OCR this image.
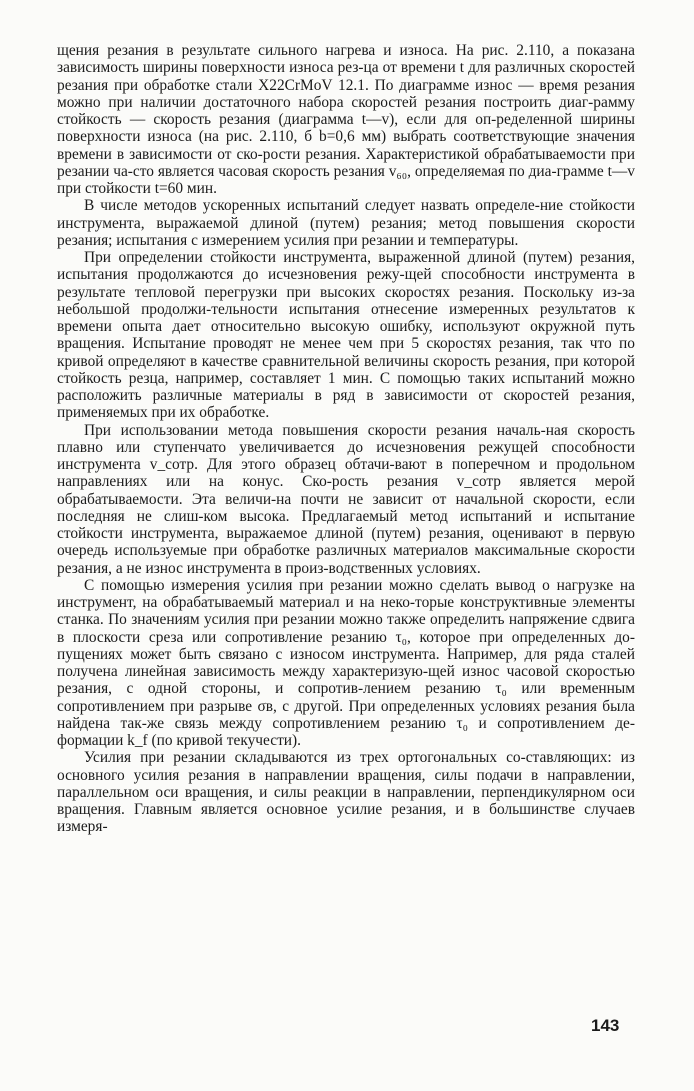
щения резания в результате сильного нагрева и износа. На рис. 2.110, а показана зависимость ширины поверхности износа рез-ца от времени t для различных скоростей резания при обработке стали X22CrMoV 12.1. По диаграмме износ — время резания можно при наличии достаточного набора скоростей резания построить диаг-рамму стойкость — скорость резания (диаграмма t—v), если для оп-ределенной ширины поверхности износа (на рис. 2.110, б b=0,6 мм) выбрать соответствующие значения времени в зависимости от ско-рости резания. Характеристикой обрабатываемости при резании ча-сто является часовая скорость резания v₆₀, определяемая по диа-грамме t—v при стойкости t=60 мин.

В числе методов ускоренных испытаний следует назвать определе-ние стойкости инструмента, выражаемой длиной (путем) резания; метод повышения скорости резания; испытания с измерением усилия при резании и температуры.

При определении стойкости инструмента, выраженной длиной (путем) резания, испытания продолжаются до исчезновения режу-щей способности инструмента в результате тепловой перегрузки при высоких скоростях резания. Поскольку из-за небольшой продолжи-тельности испытания отнесение измеренных результатов к времени опыта дает относительно высокую ошибку, используют окружной путь вращения. Испытание проводят не менее чем при 5 скоростях резания, так что по кривой определяют в качестве сравнительной величины скорость резания, при которой стойкость резца, например, составляет 1 мин. С помощью таких испытаний можно расположить различные материалы в ряд в зависимости от скоростей резания, применяемых при их обработке.

При использовании метода повышения скорости резания началь-ная скорость плавно или ступенчато увеличивается до исчезновения режущей способности инструмента v_сотр. Для этого образец обтачи-вают в поперечном и продольном направлениях или на конус. Ско-рость резания v_сотр является мерой обрабатываемости. Эта величи-на почти не зависит от начальной скорости, если последняя не слиш-ком высока. Предлагаемый метод испытаний и испытание стойкости инструмента, выражаемое длиной (путем) резания, оценивают в первую очередь используемые при обработке различных материалов максимальные скорости резания, а не износ инструмента в произ-водственных условиях.

С помощью измерения усилия при резании можно сделать вывод о нагрузке на инструмент, на обрабатываемый материал и на неко-торые конструктивные элементы станка. По значениям усилия при резании можно также определить напряжение сдвига в плоскости среза или сопротивление резанию τ₀, которое при определенных до-пущениях может быть связано с износом инструмента. Например, для ряда сталей получена линейная зависимость между характеризую-щей износ часовой скоростью резания, с одной стороны, и сопротив-лением резанию τ₀ или временным сопротивлением при разрыве σв, с другой. При определенных условиях резания была найдена так-же связь между сопротивлением резанию τ₀ и сопротивлением де-формации k_f (по кривой текучести).

Усилия при резании складываются из трех ортогональных со-ставляющих: из основного усилия резания в направлении вращения, силы подачи в направлении, параллельном оси вращения, и силы реакции в направлении, перпендикулярном оси вращения. Главным является основное усилие резания, и в большинстве случаев измеря-

143
